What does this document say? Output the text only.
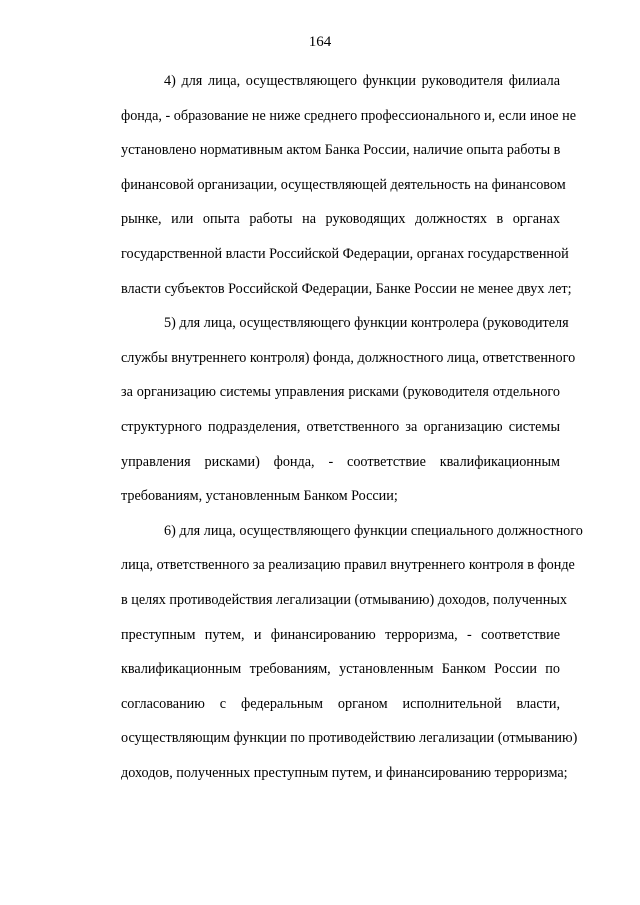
164
4) для лица, осуществляющего функции руководителя филиала
фонда, - образование не ниже среднего профессионального и, если иное не
установлено нормативным актом Банка России, наличие опыта работы в
финансовой организации, осуществляющей деятельность на финансовом
рынке, или опыта работы на руководящих должностях в органах
государственной власти Российской Федерации, органах государственной
власти субъектов Российской Федерации, Банке России не менее двух лет;
5) для лица, осуществляющего функции контролера (руководителя
службы внутреннего контроля) фонда, должностного лица, ответственного
за организацию системы управления рисками (руководителя отдельного
структурного подразделения, ответственного за организацию системы
управления рисками) фонда, - соответствие квалификационным
требованиям, установленным Банком России;
6) для лица, осуществляющего функции специального должностного
лица, ответственного за реализацию правил внутреннего контроля в фонде
в целях противодействия легализации (отмыванию) доходов, полученных
преступным путем, и финансированию терроризма, - соответствие
квалификационным требованиям, установленным Банком России по
согласованию с федеральным органом исполнительной власти,
осуществляющим функции по противодействию легализации (отмыванию)
доходов, полученных преступным путем, и финансированию терроризма;
